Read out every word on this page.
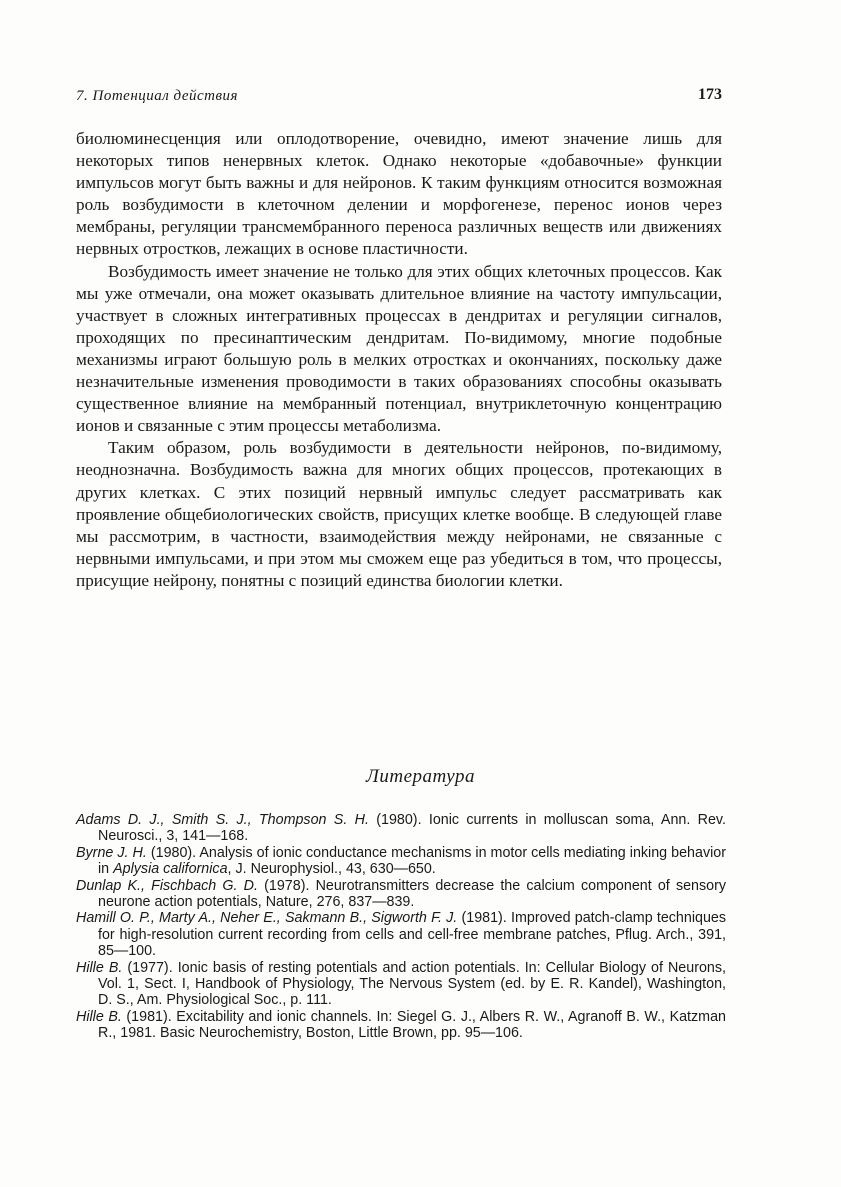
7. Потенциал действия	173

биолюминесценция или оплодотворение, очевидно, имеют значение лишь для некоторых типов ненервных клеток. Однако некоторые «добавочные» функции импульсов могут быть важны и для нейронов. К таким функциям относится возможная роль возбудимости в клеточном делении и морфогенезе, перенос ионов через мембраны, регуляции трансмембранного переноса различных веществ или движениях нервных отростков, лежащих в основе пластичности.

Возбудимость имеет значение не только для этих общих клеточных процессов. Как мы уже отмечали, она может оказывать длительное влияние на частоту импульсации, участвует в сложных интегративных процессах в дендритах и регуляции сигналов, проходящих по пресинаптическим дендритам. По-видимому, многие подобные механизмы играют большую роль в мелких отростках и окончаниях, поскольку даже незначительные изменения проводимости в таких образованиях способны оказывать существенное влияние на мембранный потенциал, внутриклеточную концентрацию ионов и связанные с этим процессы метаболизма.

Таким образом, роль возбудимости в деятельности нейронов, по-видимому, неоднозначна. Возбудимость важна для многих общих процессов, протекающих в других клетках. С этих позиций нервный импульс следует рассматривать как проявление общебиологических свойств, присущих клетке вообще. В следующей главе мы рассмотрим, в частности, взаимодействия между нейронами, не связанные с нервными импульсами, и при этом мы сможем еще раз убедиться в том, что процессы, присущие нейрону, понятны с позиций единства биологии клетки.

Литература

Adams D. J., Smith S. J., Thompson S. H. (1980). Ionic currents in molluscan soma, Ann. Rev. Neurosci., 3, 141—168.

Byrne J. H. (1980). Analysis of ionic conductance mechanisms in motor cells mediating inking behavior in Aplysia californica, J. Neurophysiol., 43, 630—650.

Dunlap K., Fischbach G. D. (1978). Neurotransmitters decrease the calcium component of sensory neurone action potentials, Nature, 276, 837—839.

Hamill O. P., Marty A., Neher E., Sakmann B., Sigworth F. J. (1981). Improved patch-clamp techniques for high-resolution current recording from cells and cell-free membrane patches, Pflug. Arch., 391, 85—100.

Hille B. (1977). Ionic basis of resting potentials and action potentials. In: Cellular Biology of Neurons, Vol. 1, Sect. I, Handbook of Physiology, The Nervous System (ed. by E. R. Kandel), Washington, D. S., Am. Physiological Soc., p. 111.

Hille B. (1981). Excitability and ionic channels. In: Siegel G. J., Albers R. W., Agranoff B. W., Katzman R., 1981. Basic Neurochemistry, Boston, Little Brown, pp. 95—106.
